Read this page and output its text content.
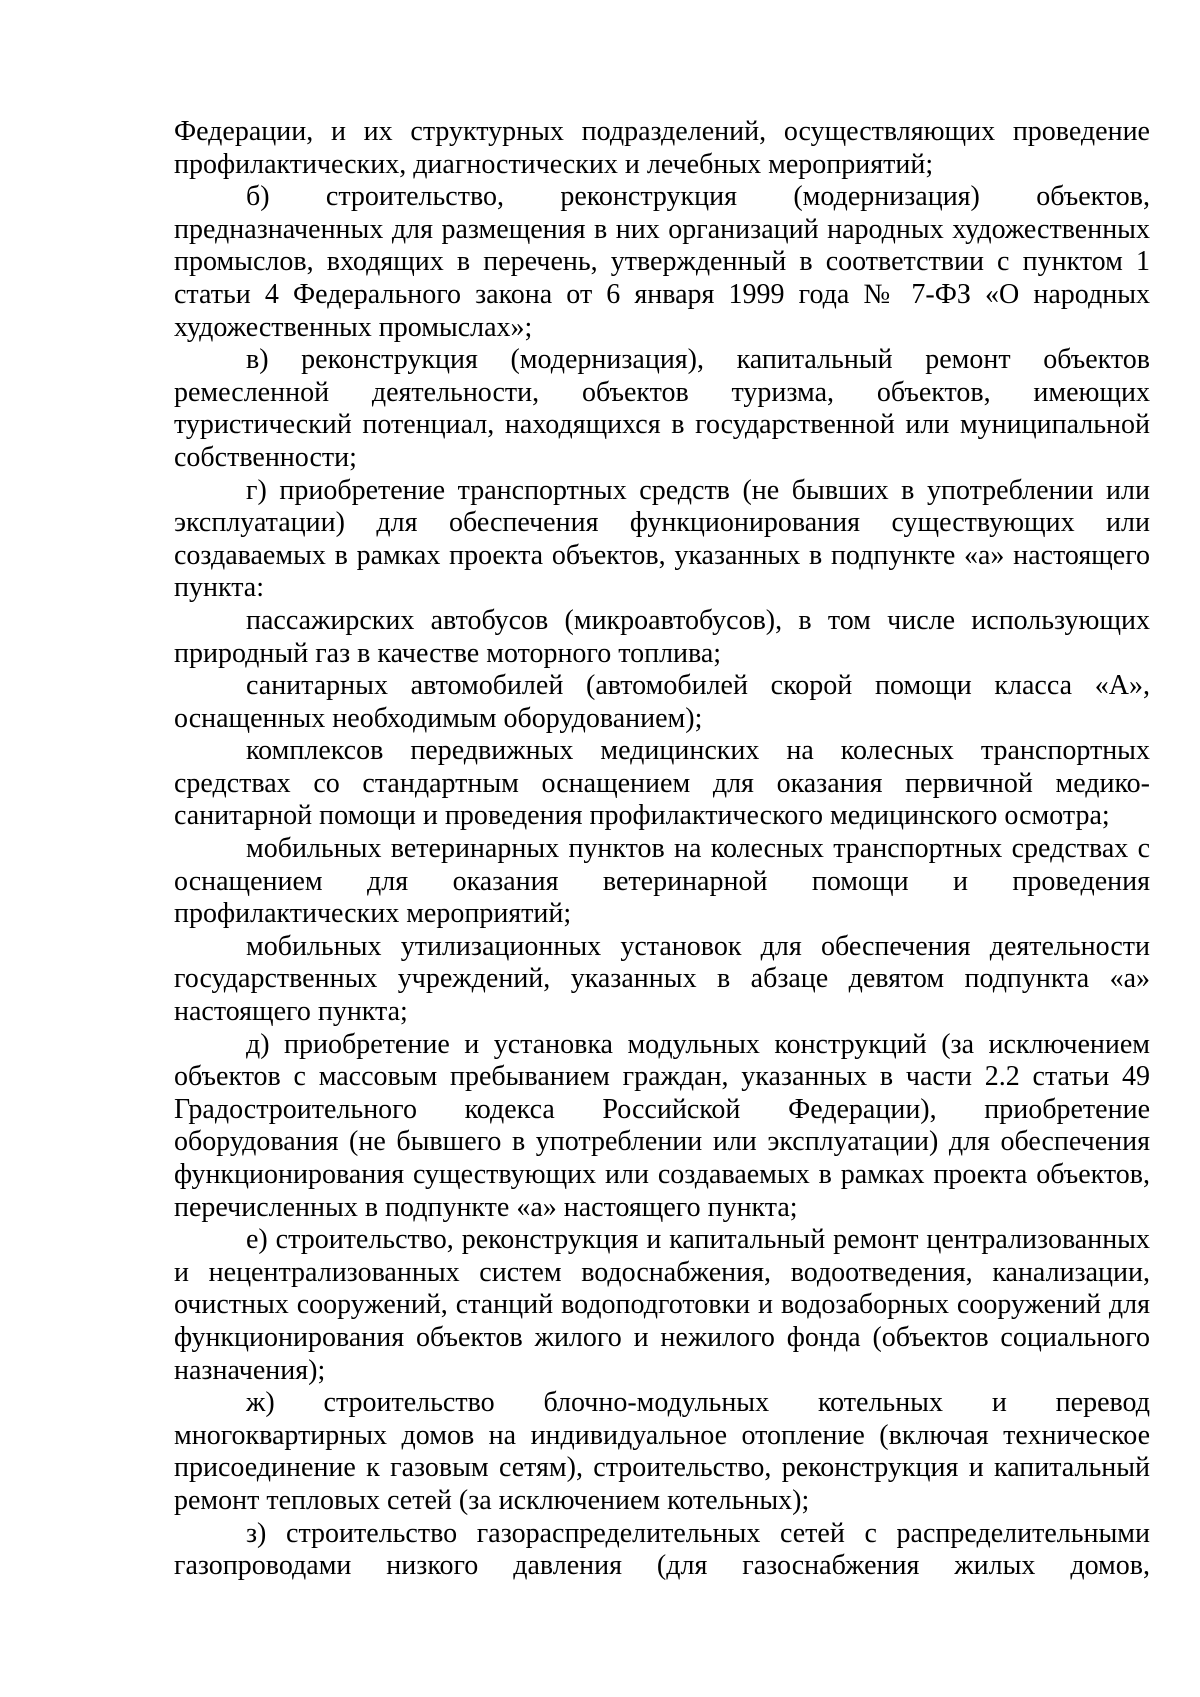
Федерации, и их структурных подразделений, осуществляющих проведение профилактических, диагностических и лечебных мероприятий;

б) строительство, реконструкция (модернизация) объектов, предназначенных для размещения в них организаций народных художественных промыслов, входящих в перечень, утвержденный в соответствии с пунктом 1 статьи 4 Федерального закона от 6 января 1999 года № 7-ФЗ «О народных художественных промыслах»;

в) реконструкция (модернизация), капитальный ремонт объектов ремесленной деятельности, объектов туризма, объектов, имеющих туристический потенциал, находящихся в государственной или муниципальной собственности;

г) приобретение транспортных средств (не бывших в употреблении или эксплуатации) для обеспечения функционирования существующих или создаваемых в рамках проекта объектов, указанных в подпункте «а» настоящего пункта:

пассажирских автобусов (микроавтобусов), в том числе использующих природный газ в качестве моторного топлива;

санитарных автомобилей (автомобилей скорой помощи класса «А», оснащенных необходимым оборудованием);

комплексов передвижных медицинских на колесных транспортных средствах со стандартным оснащением для оказания первичной медико-санитарной помощи и проведения профилактического медицинского осмотра;

мобильных ветеринарных пунктов на колесных транспортных средствах с оснащением для оказания ветеринарной помощи и проведения профилактических мероприятий;

мобильных утилизационных установок для обеспечения деятельности государственных учреждений, указанных в абзаце девятом подпункта «а» настоящего пункта;

д) приобретение и установка модульных конструкций (за исключением объектов с массовым пребыванием граждан, указанных в части 2.2 статьи 49 Градостроительного кодекса Российской Федерации), приобретение оборудования (не бывшего в употреблении или эксплуатации) для обеспечения функционирования существующих или создаваемых в рамках проекта объектов, перечисленных в подпункте «а» настоящего пункта;

е) строительство, реконструкция и капитальный ремонт централизованных и нецентрализованных систем водоснабжения, водоотведения, канализации, очистных сооружений, станций водоподготовки и водозаборных сооружений для функционирования объектов жилого и нежилого фонда (объектов социального назначения);

ж) строительство блочно-модульных котельных и перевод многоквартирных домов на индивидуальное отопление (включая техническое присоединение к газовым сетям), строительство, реконструкция и капитальный ремонт тепловых сетей (за исключением котельных);

з) строительство газораспределительных сетей с распределительными газопроводами низкого давления (для газоснабжения жилых домов,
